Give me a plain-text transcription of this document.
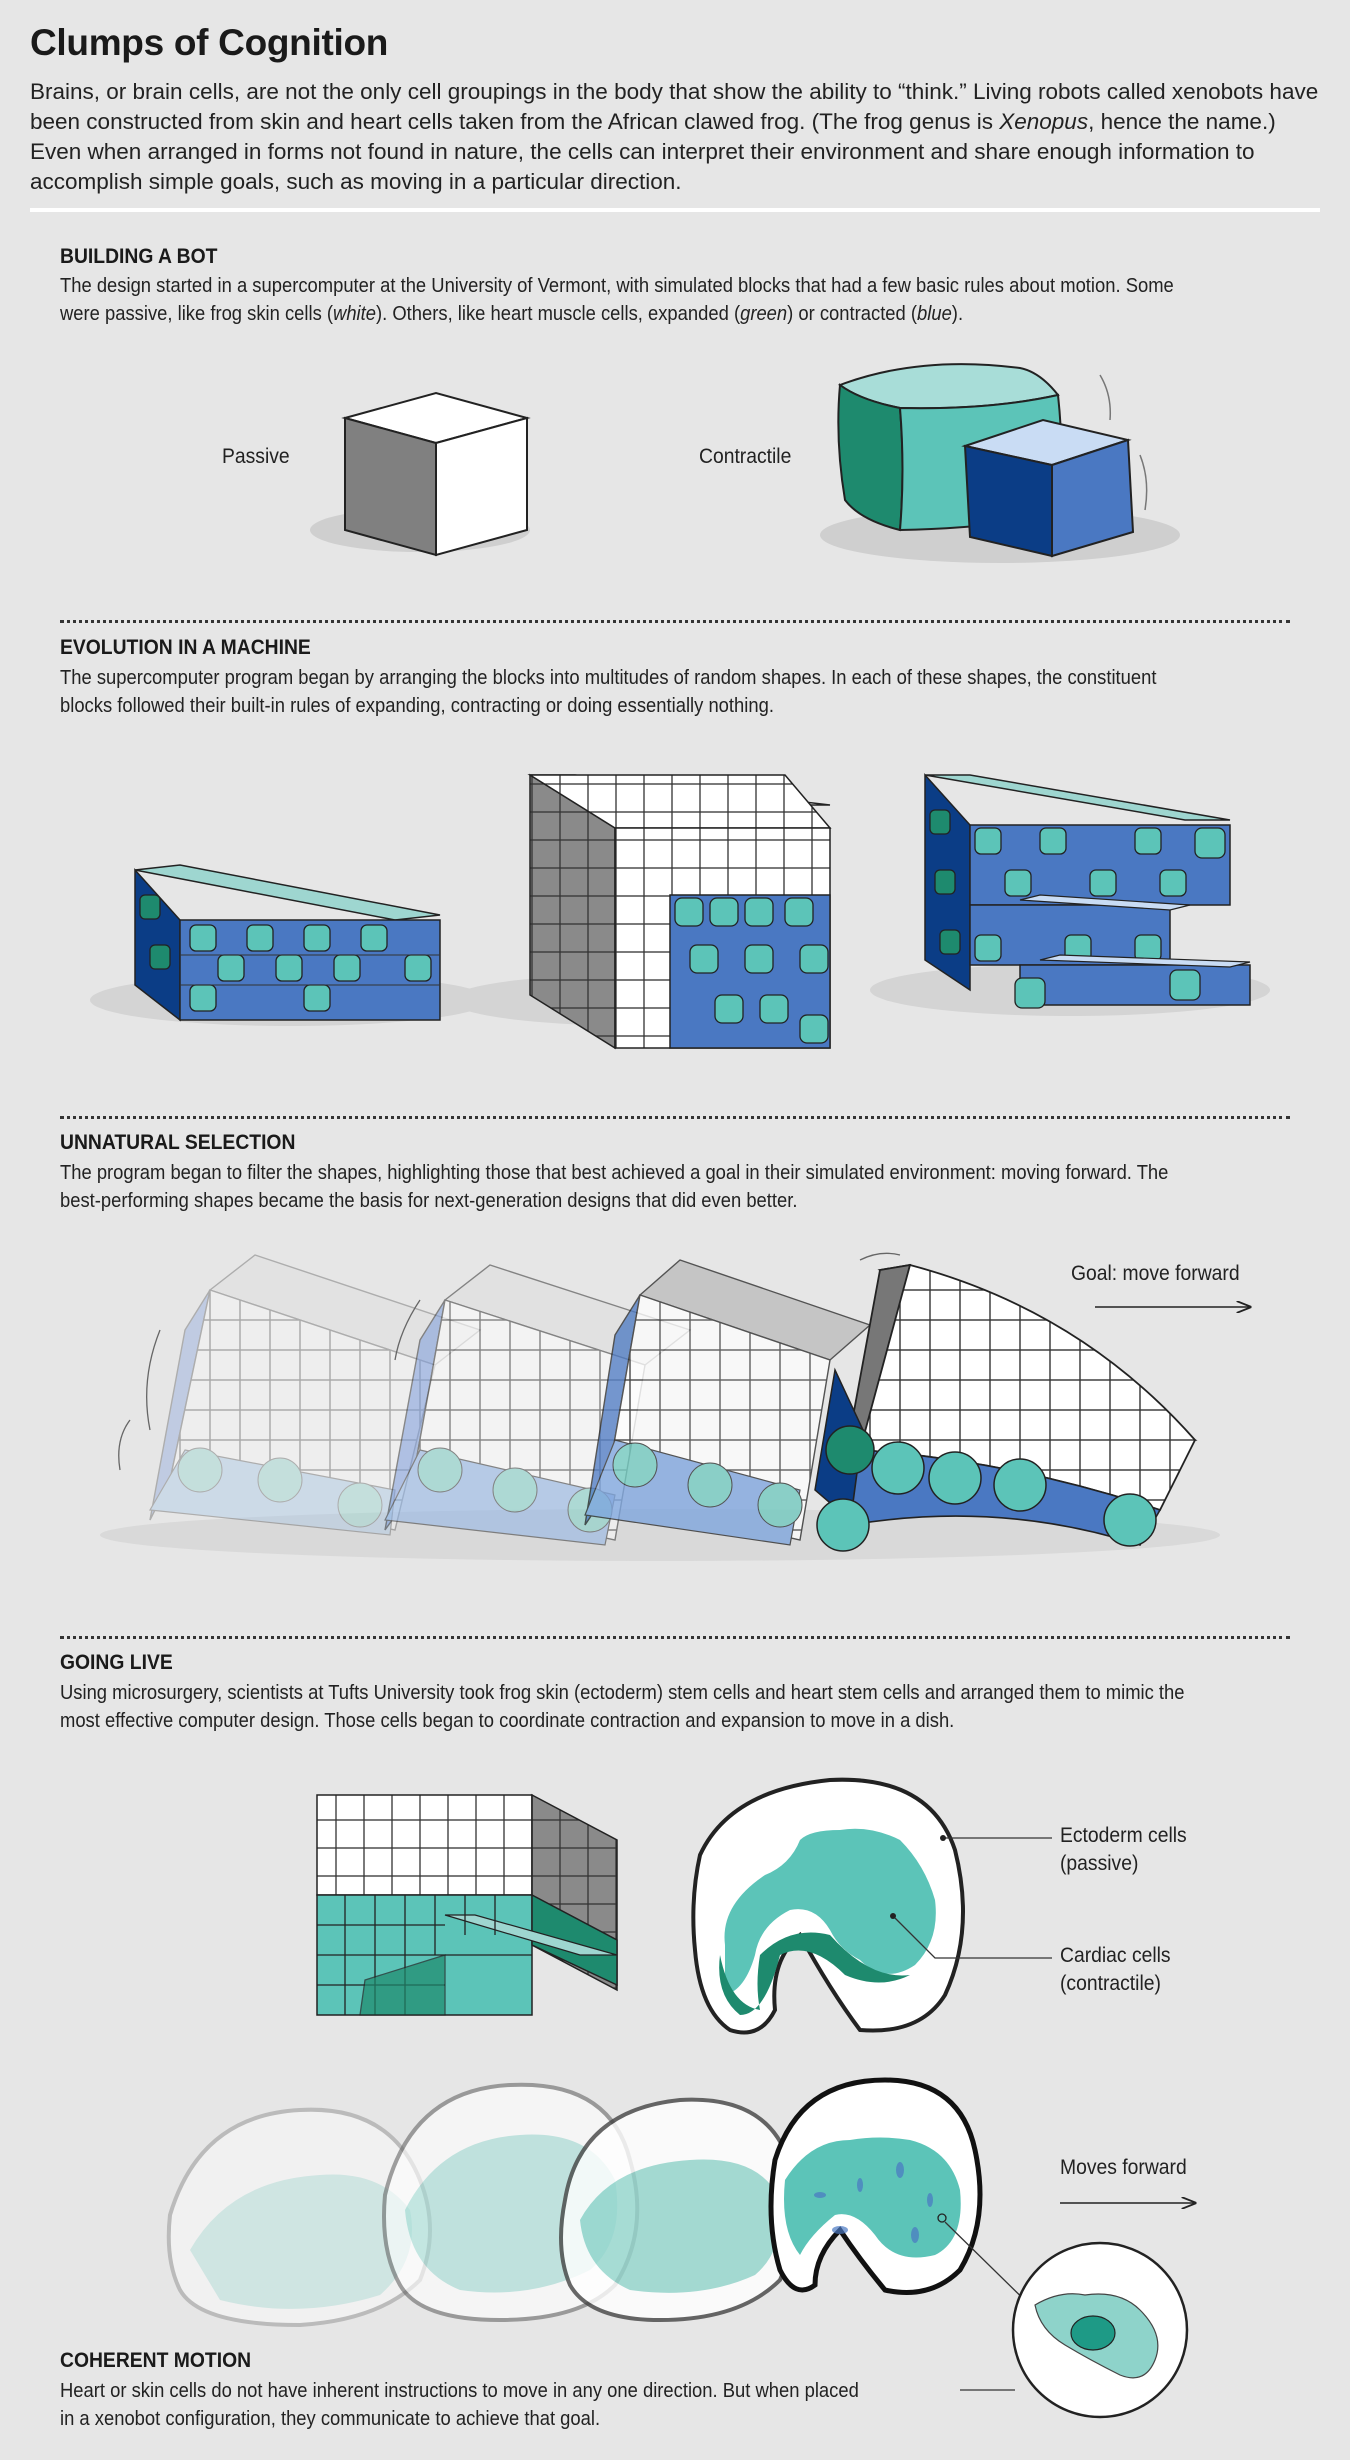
Clumps of Cognition
Brains, or brain cells, are not the only cell groupings in the body that show the ability to “think.” Living robots called xenobots have been constructed from skin and heart cells taken from the African clawed frog. (The frog genus is Xenopus, hence the name.) Even when arranged in forms not found in nature, the cells can interpret their environment and share enough information to accomplish simple goals, such as moving in a particular direction.
BUILDING A BOT
The design started in a supercomputer at the University of Vermont, with simulated blocks that had a few basic rules about motion. Some were passive, like frog skin cells (white). Others, like heart muscle cells, expanded (green) or contracted (blue).
Passive	Contractile
EVOLUTION IN A MACHINE
The supercomputer program began by arranging the blocks into multitudes of random shapes. In each of these shapes, the constituent blocks followed their built-in rules of expanding, contracting or doing essentially nothing.
UNNATURAL SELECTION
The program began to filter the shapes, highlighting those that best achieved a goal in their simulated environment: moving forward. The best-performing shapes became the basis for next-generation designs that did even better.
Goal: move forward
GOING LIVE
Using microsurgery, scientists at Tufts University took frog skin (ectoderm) stem cells and heart stem cells and arranged them to mimic the most effective computer design. Those cells began to coordinate contraction and expansion to move in a dish.
Ectoderm cells
(passive)
Cardiac cells
(contractile)
Moves forward
COHERENT MOTION
Heart or skin cells do not have inherent instructions to move in any one direction. But when placed
in a xenobot configuration, they communicate to achieve that goal.
